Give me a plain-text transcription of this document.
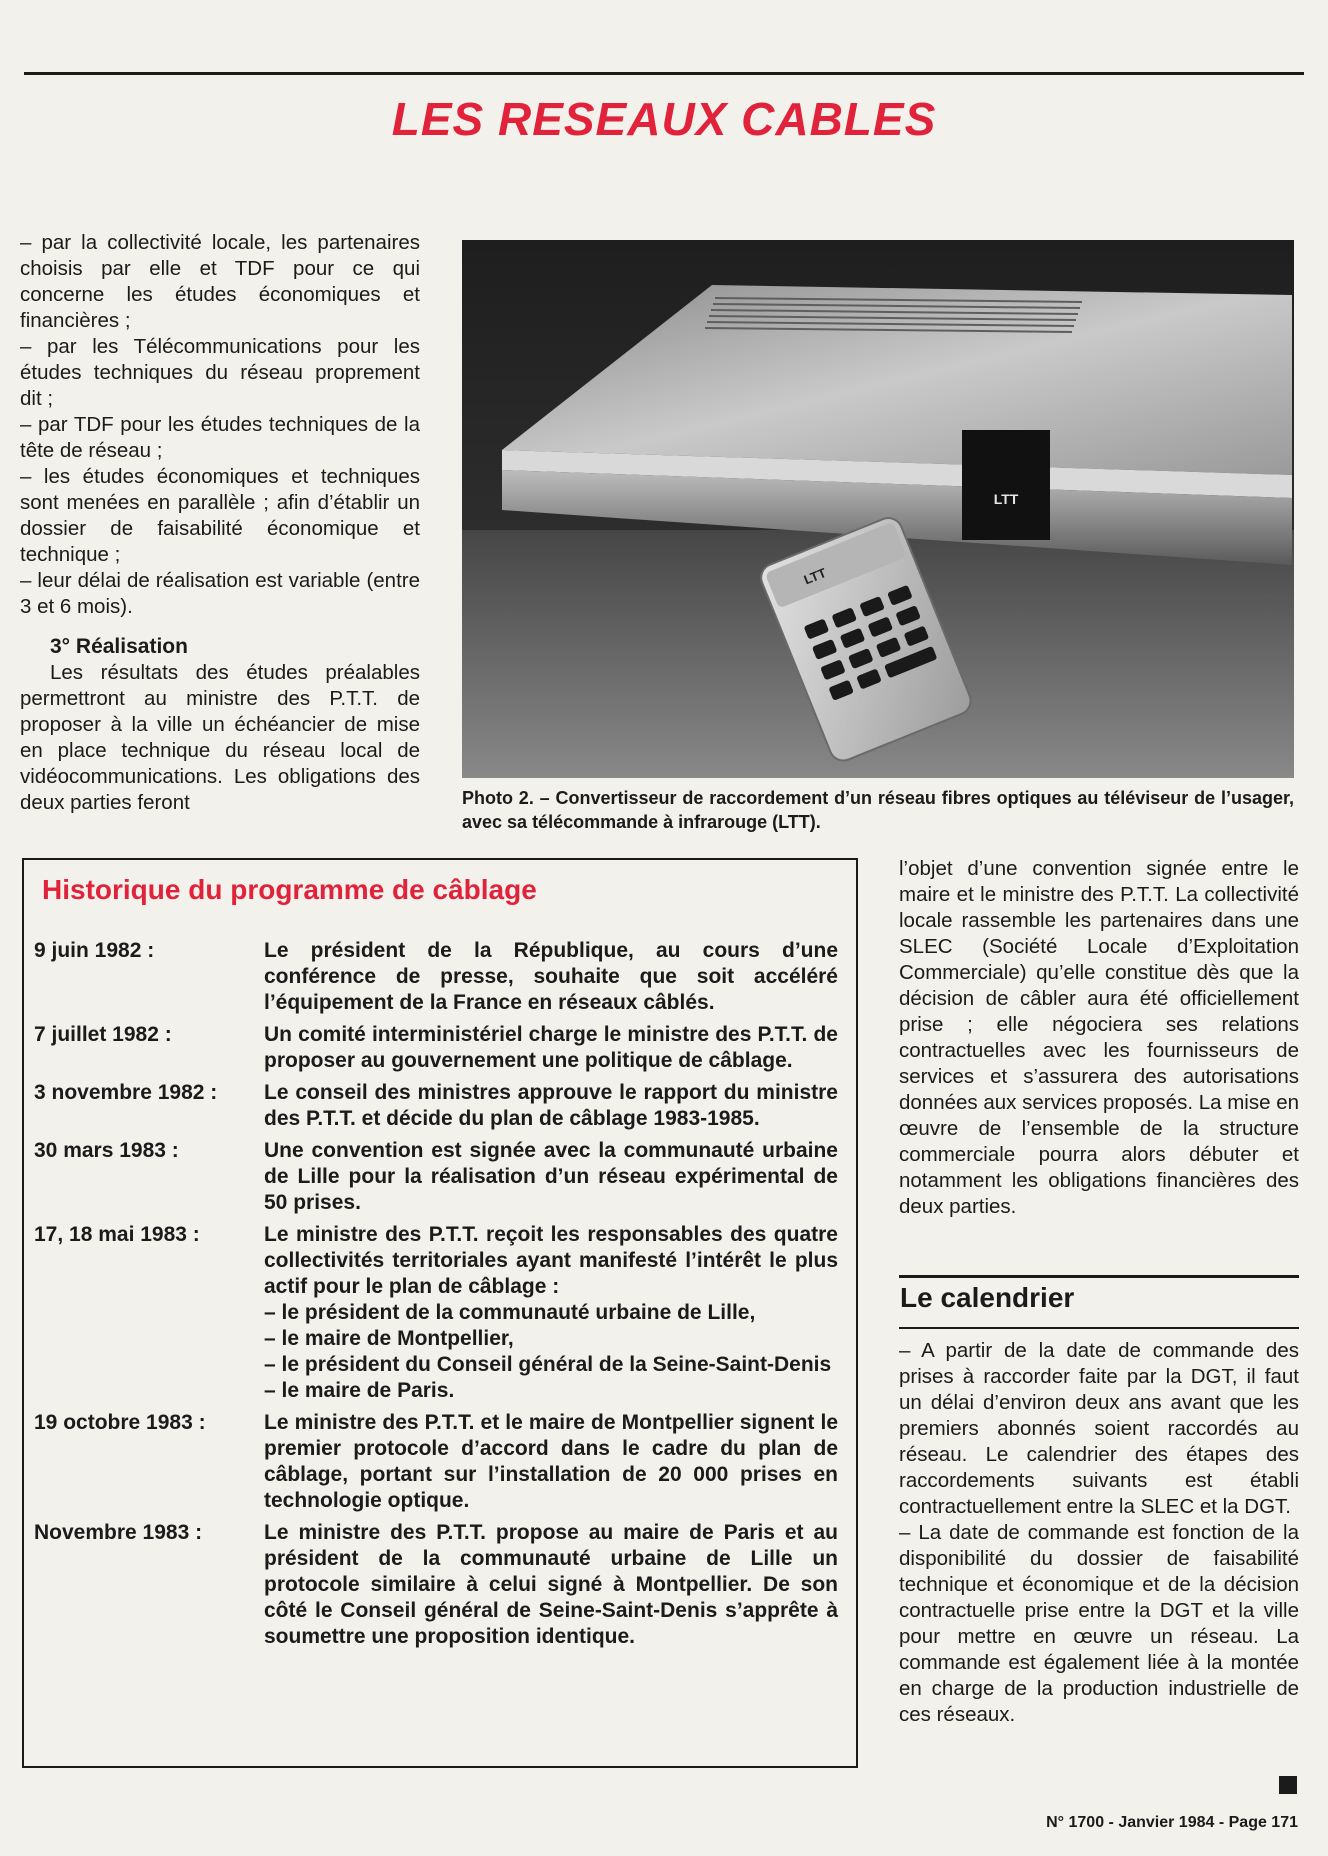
LES RESEAUX CABLES

– par la collectivité locale, les partenaires choisis par elle et TDF pour ce qui concerne les études économiques et financières ;

– par les Télécommunications pour les études techniques du réseau proprement dit ;

– par TDF pour les études techniques de la tête de réseau ;

– les études économiques et techniques sont menées en parallèle ; afin d’établir un dossier de faisabilité économique et technique ;

– leur délai de réalisation est variable (entre 3 et 6 mois).

3° Réalisation

Les résultats des études préalables permettront au ministre des P.T.T. de proposer à la ville un échéancier de mise en place technique du réseau local de vidéocommunications. Les obligations des deux parties feront

LTT
LTT
Photo 2. – Convertisseur de raccordement d’un réseau fibres optiques au téléviseur de l’usager, avec sa télécommande à infrarouge (LTT).
Historique du programme de câblage
9 juin 1982 :	Le président de la République, au cours d’une conférence de presse, souhaite que soit accéléré l’équipement de la France en réseaux câblés.
7 juillet 1982 :	Un comité interministériel charge le ministre des P.T.T. de proposer au gouvernement une politique de câblage.
3 novembre 1982 :	Le conseil des ministres approuve le rapport du ministre des P.T.T. et décide du plan de câblage 1983-1985.
30 mars 1983 :	Une convention est signée avec la communauté urbaine de Lille pour la réalisation d’un réseau expérimental de 50 prises.
17, 18 mai 1983 :	Le ministre des P.T.T. reçoit les responsables des quatre collectivités territoriales ayant manifesté l’intérêt le plus actif pour le plan de câblage :
– le président de la communauté urbaine de Lille,
– le maire de Montpellier,
– le président du Conseil général de la Seine-Saint-Denis
– le maire de Paris.
19 octobre 1983 :	Le ministre des P.T.T. et le maire de Montpellier signent le premier protocole d’accord dans le cadre du plan de câblage, portant sur l’installation de 20 000 prises en technologie optique.
Novembre 1983 :	Le ministre des P.T.T. propose au maire de Paris et au président de la communauté urbaine de Lille un protocole similaire à celui signé à Montpellier. De son côté le Conseil général de Seine-Saint-Denis s’apprête à soumettre une proposition identique.

l’objet d’une convention signée entre le maire et le ministre des P.T.T. La collectivité locale rassemble les partenaires dans une SLEC (Société Locale d’Exploitation Commerciale) qu’elle constitue dès que la décision de câbler aura été officiellement prise ; elle négociera ses relations contractuelles avec les fournisseurs de services et s’assurera des autorisations données aux services proposés. La mise en œuvre de l’ensemble de la structure commerciale pourra alors débuter et notamment les obligations financières des deux parties.

Le calendrier

– A partir de la date de commande des prises à raccorder faite par la DGT, il faut un délai d’environ deux ans avant que les premiers abonnés soient raccordés au réseau. Le calendrier des étapes des raccordements suivants est établi contractuellement entre la SLEC et la DGT.

– La date de commande est fonction de la disponibilité du dossier de faisabilité technique et économique et de la décision contractuelle prise entre la DGT et la ville pour mettre en œuvre un réseau. La commande est également liée à la montée en charge de la production industrielle de ces réseaux.

N° 1700 - Janvier 1984 - Page 171
